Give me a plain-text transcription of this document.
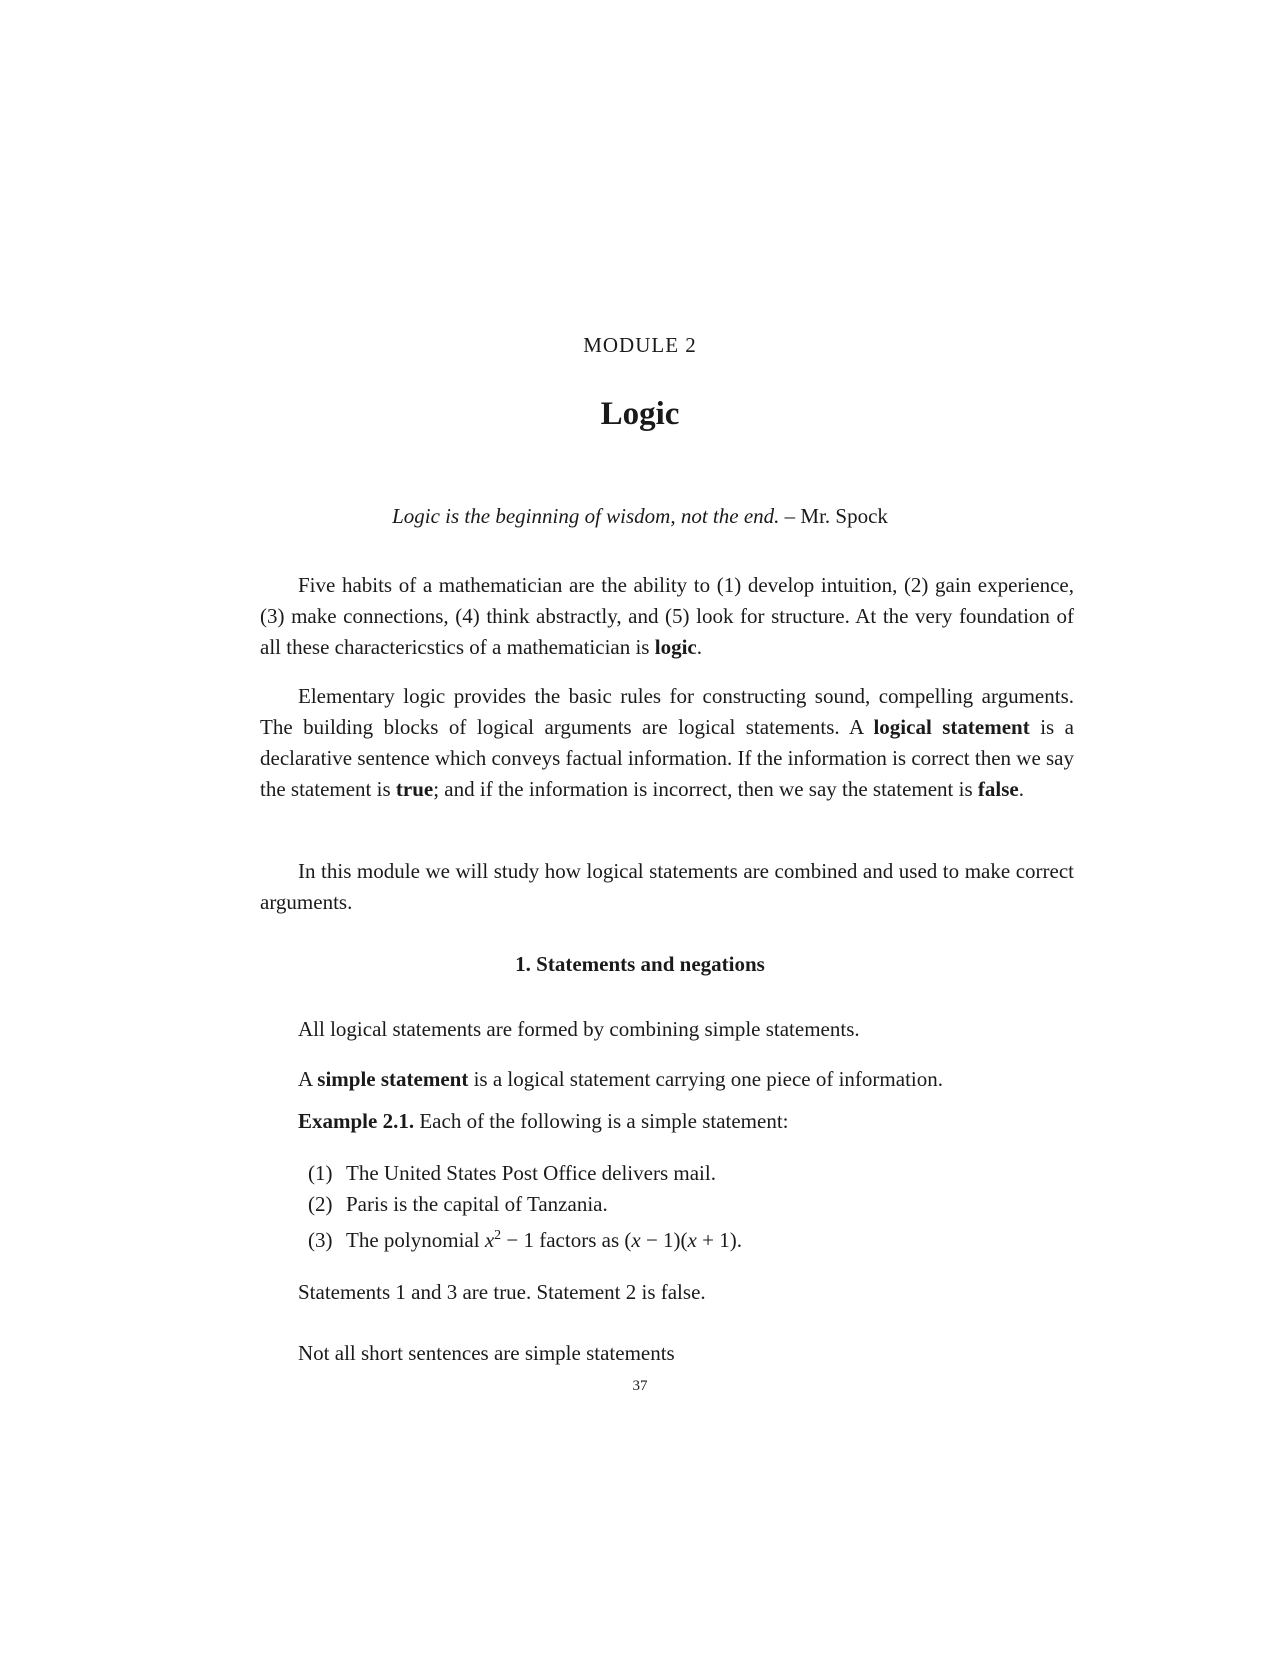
MODULE 2
Logic
Logic is the beginning of wisdom, not the end. – Mr. Spock

Five habits of a mathematician are the ability to (1) develop intuition, (2) gain experience, (3) make connections, (4) think abstractly, and (5) look for structure. At the very foundation of all these charactericstics of a mathematician is logic.

Elementary logic provides the basic rules for constructing sound, compelling arguments. The building blocks of logical arguments are logical statements. A logical statement is a declarative sentence which conveys factual information. If the information is correct then we say the statement is true; and if the information is incorrect, then we say the statement is false.

In this module we will study how logical statements are combined and used to make correct arguments.

1. Statements and negations
All logical statements are formed by combining simple statements.
A simple statement is a logical statement carrying one piece of information.
Example 2.1. Each of the following is a simple statement:
(1) The United States Post Office delivers mail.
(2) Paris is the capital of Tanzania.
(3) The polynomial $x^2 - 1$ factors as (x − 1)(x + 1).
Statements 1 and 3 are true. Statement 2 is false.
Not all short sentences are simple statements
37
